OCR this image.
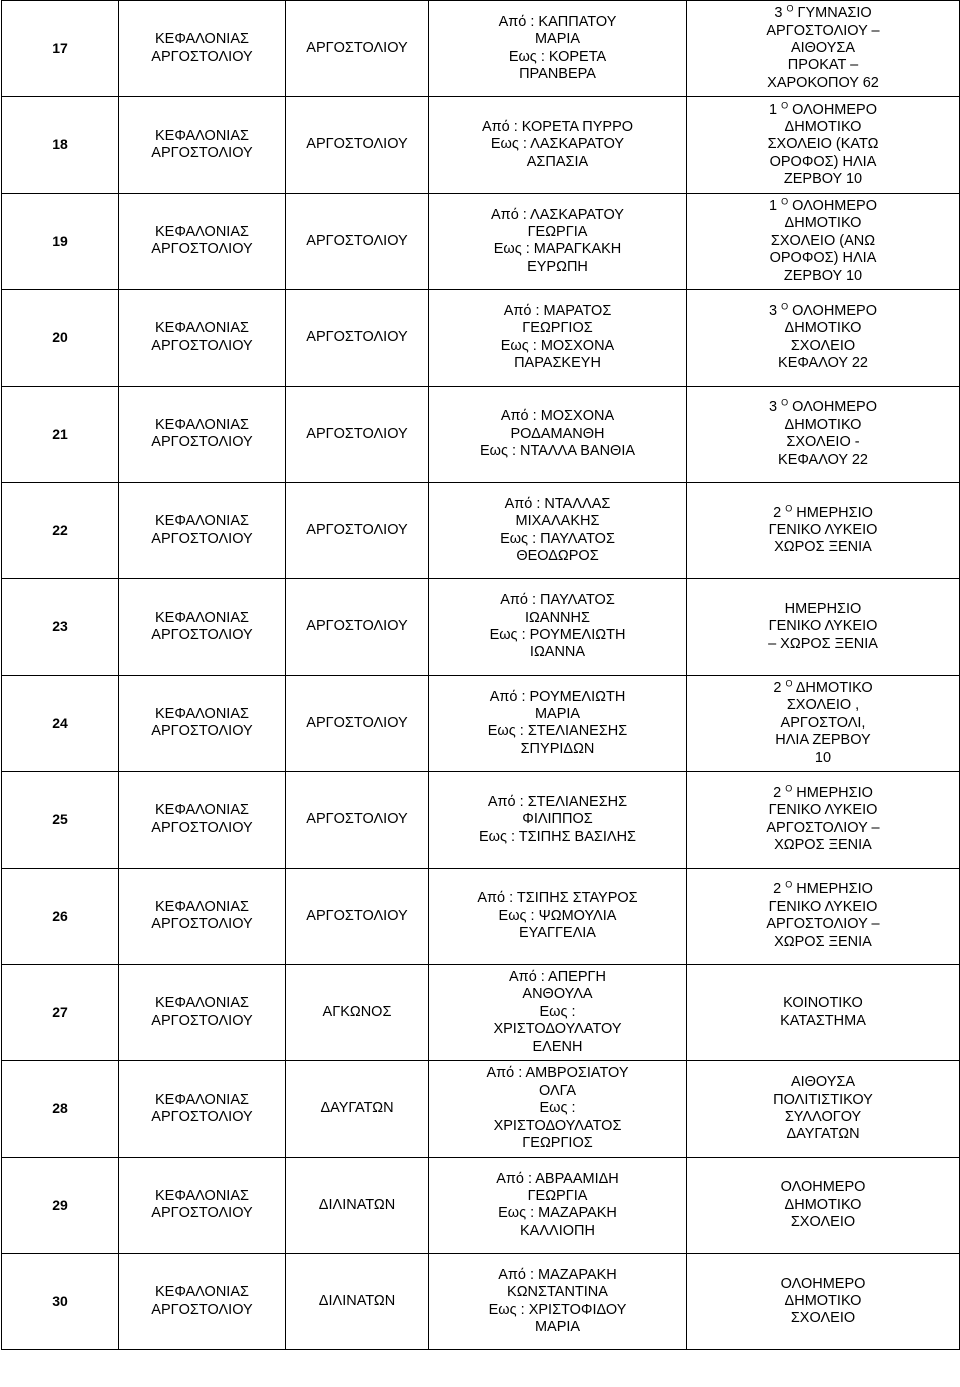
17	ΚΕΦΑΛΟΝΙΑΣ
ΑΡΓΟΣΤΟΛΙΟΥ	ΑΡΓΟΣΤΟΛΙΟΥ	Από : ΚΑΠΠΑΤΟΥ
ΜΑΡΙΑ
Εως : ΚΟΡΕΤΑ
ΠΡΑΝΒΕΡΑ	3 $^O$ ΓΥΜΝΑΣΙΟ
ΑΡΓΟΣΤΟΛΙΟΥ –
ΑΙΘΟΥΣΑ
ΠΡΟΚΑΤ –
ΧΑΡΟΚΟΠΟΥ 62

18	ΚΕΦΑΛΟΝΙΑΣ
ΑΡΓΟΣΤΟΛΙΟΥ	ΑΡΓΟΣΤΟΛΙΟΥ	Από : ΚΟΡΕΤΑ ΠΥΡΡΟ
Εως : ΛΑΣΚΑΡΑΤΟΥ
ΑΣΠΑΣΙΑ	1 $^O$ ΟΛΟΗΜΕΡΟ
ΔΗΜΟΤΙΚΟ
ΣΧΟΛΕΙΟ (ΚΑΤΩ
ΟΡΟΦΟΣ) ΗΛΙΑ
ΖΕΡΒΟΥ 10

19	ΚΕΦΑΛΟΝΙΑΣ
ΑΡΓΟΣΤΟΛΙΟΥ	ΑΡΓΟΣΤΟΛΙΟΥ	Από : ΛΑΣΚΑΡΑΤΟΥ
ΓΕΩΡΓΙΑ
Εως : ΜΑΡΑΓΚΑΚΗ
ΕΥΡΩΠΗ	1 $^O$ ΟΛΟΗΜΕΡΟ
ΔΗΜΟΤΙΚΟ
ΣΧΟΛΕΙΟ (ΑΝΩ
ΟΡΟΦΟΣ) ΗΛΙΑ
ΖΕΡΒΟΥ 10

20	ΚΕΦΑΛΟΝΙΑΣ
ΑΡΓΟΣΤΟΛΙΟΥ	ΑΡΓΟΣΤΟΛΙΟΥ	Από : ΜΑΡΑΤΟΣ
ΓΕΩΡΓΙΟΣ
Εως : ΜΟΣΧΟΝΑ
ΠΑΡΑΣΚΕΥΗ	3 $^O$ ΟΛΟΗΜΕΡΟ
ΔΗΜΟΤΙΚΟ
ΣΧΟΛΕΙΟ
ΚΕΦΑΛΟΥ 22

21	ΚΕΦΑΛΟΝΙΑΣ
ΑΡΓΟΣΤΟΛΙΟΥ	ΑΡΓΟΣΤΟΛΙΟΥ	Από : ΜΟΣΧΟΝΑ
ΡΟΔΑΜΑΝΘΗ
Εως : ΝΤΑΛΛΑ ΒΑΝΘΙΑ	3 $^O$ ΟΛΟΗΜΕΡΟ
ΔΗΜΟΤΙΚΟ
ΣΧΟΛΕΙΟ -
ΚΕΦΑΛΟΥ 22

22	ΚΕΦΑΛΟΝΙΑΣ
ΑΡΓΟΣΤΟΛΙΟΥ	ΑΡΓΟΣΤΟΛΙΟΥ	Από : ΝΤΑΛΛΑΣ
ΜΙΧΑΛΑΚΗΣ
Εως : ΠΑΥΛΑΤΟΣ
ΘΕΟΔΩΡΟΣ	2 $^O$ ΗΜΕΡΗΣΙΟ
ΓΕΝΙΚΟ ΛΥΚΕΙΟ
ΧΩΡΟΣ ΞΕΝΙΑ

23	ΚΕΦΑΛΟΝΙΑΣ
ΑΡΓΟΣΤΟΛΙΟΥ	ΑΡΓΟΣΤΟΛΙΟΥ	Από : ΠΑΥΛΑΤΟΣ
ΙΩΑΝΝΗΣ
Εως : ΡΟΥΜΕΛΙΩΤΗ
ΙΩΑΝΝΑ	ΗΜΕΡΗΣΙΟ
ΓΕΝΙΚΟ ΛΥΚΕΙΟ
– ΧΩΡΟΣ ΞΕΝΙΑ

24	ΚΕΦΑΛΟΝΙΑΣ
ΑΡΓΟΣΤΟΛΙΟΥ	ΑΡΓΟΣΤΟΛΙΟΥ	Από : ΡΟΥΜΕΛΙΩΤΗ
ΜΑΡΙΑ
Εως : ΣΤΕΛΙΑΝΕΣΗΣ
ΣΠΥΡΙΔΩΝ	2 $^O$ ΔΗΜΟΤΙΚΟ
ΣΧΟΛΕΙΟ ,
ΑΡΓΟΣΤΟΛΙ,
ΗΛΙΑ ΖΕΡΒΟΥ
10

25	ΚΕΦΑΛΟΝΙΑΣ
ΑΡΓΟΣΤΟΛΙΟΥ	ΑΡΓΟΣΤΟΛΙΟΥ	Από : ΣΤΕΛΙΑΝΕΣΗΣ
ΦΙΛΙΠΠΟΣ
Εως : ΤΣΙΠΗΣ ΒΑΣΙΛΗΣ	2 $^O$ ΗΜΕΡΗΣΙΟ
ΓΕΝΙΚΟ ΛΥΚΕΙΟ
ΑΡΓΟΣΤΟΛΙΟΥ –
ΧΩΡΟΣ ΞΕΝΙΑ

26	ΚΕΦΑΛΟΝΙΑΣ
ΑΡΓΟΣΤΟΛΙΟΥ	ΑΡΓΟΣΤΟΛΙΟΥ	Από : ΤΣΙΠΗΣ ΣΤΑΥΡΟΣ
Εως : ΨΩΜΟΥΛΙΑ
ΕΥΑΓΓΕΛΙΑ	2 $^O$ ΗΜΕΡΗΣΙΟ
ΓΕΝΙΚΟ ΛΥΚΕΙΟ
ΑΡΓΟΣΤΟΛΙΟΥ –
ΧΩΡΟΣ ΞΕΝΙΑ

27	ΚΕΦΑΛΟΝΙΑΣ
ΑΡΓΟΣΤΟΛΙΟΥ	ΑΓΚΩΝΟΣ	Από : ΑΠΕΡΓΗ
ΑΝΘΟΥΛΑ
Εως :
ΧΡΙΣΤΟΔΟΥΛΑΤΟΥ
ΕΛΕΝΗ	ΚΟΙΝΟΤΙΚΟ
ΚΑΤΑΣΤΗΜΑ

28	ΚΕΦΑΛΟΝΙΑΣ
ΑΡΓΟΣΤΟΛΙΟΥ	ΔΑΥΓΑΤΩΝ	Από : ΑΜΒΡΟΣΙΑΤΟΥ
ΟΛΓΑ
Εως :
ΧΡΙΣΤΟΔΟΥΛΑΤΟΣ
ΓΕΩΡΓΙΟΣ	ΑΙΘΟΥΣΑ
ΠΟΛΙΤΙΣΤΙΚΟΥ
ΣΥΛΛΟΓΟΥ
ΔΑΥΓΑΤΩΝ

29	ΚΕΦΑΛΟΝΙΑΣ
ΑΡΓΟΣΤΟΛΙΟΥ	ΔΙΛΙΝΑΤΩΝ	Από : ΑΒΡΑΑΜΙΔΗ
ΓΕΩΡΓΙΑ
Εως : ΜΑΖΑΡΑΚΗ
ΚΑΛΛΙΟΠΗ	ΟΛΟΗΜΕΡΟ
ΔΗΜΟΤΙΚΟ
ΣΧΟΛΕΙΟ

30	ΚΕΦΑΛΟΝΙΑΣ
ΑΡΓΟΣΤΟΛΙΟΥ	ΔΙΛΙΝΑΤΩΝ	Από : ΜΑΖΑΡΑΚΗ
ΚΩΝΣΤΑΝΤΙΝΑ
Εως : ΧΡΙΣΤΟΦΙΔΟΥ
ΜΑΡΙΑ	ΟΛΟΗΜΕΡΟ
ΔΗΜΟΤΙΚΟ
ΣΧΟΛΕΙΟ
